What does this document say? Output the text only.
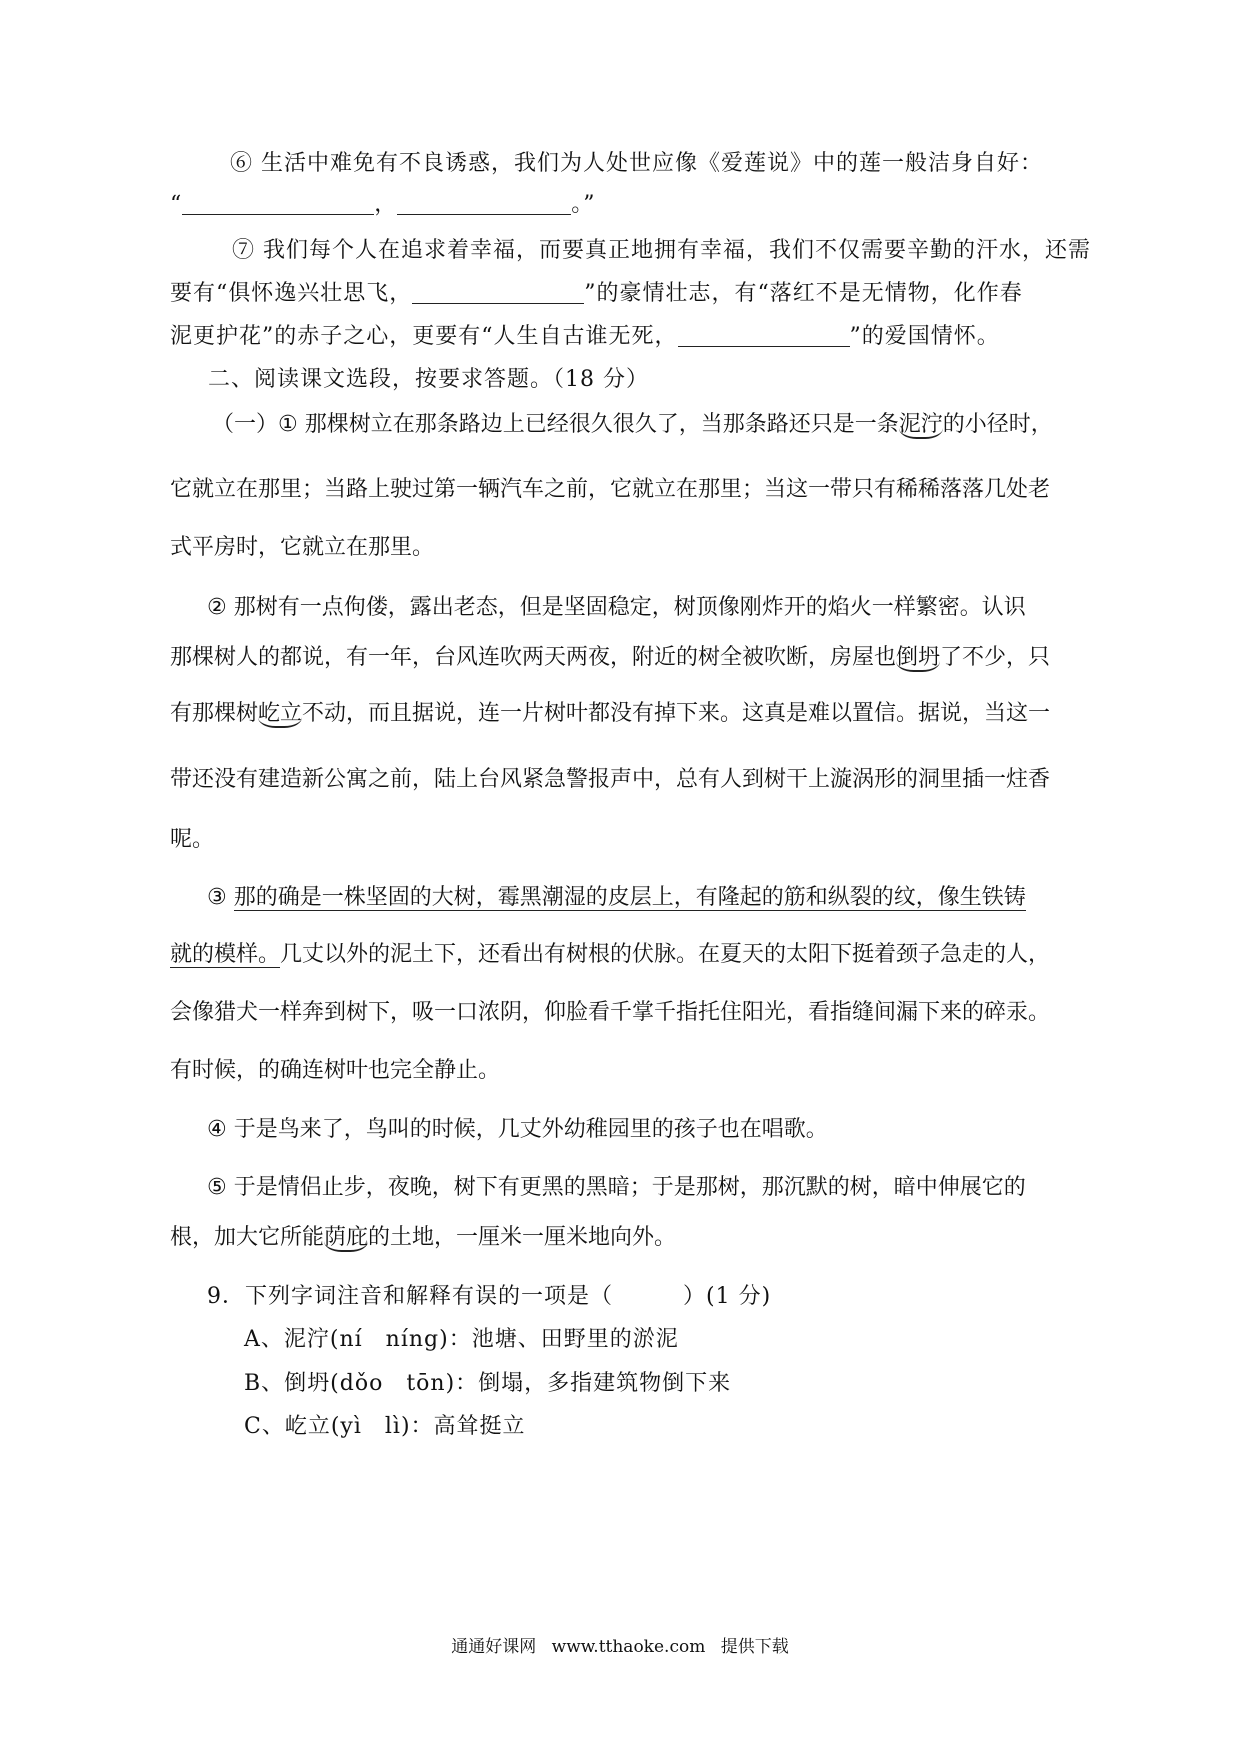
⑥ 生活中难免有不良诱惑，我们为人处世应像《爱莲说》中的莲一般洁身自好：
“	，	。”
⑦ 我们每个人在追求着幸福，而要真正地拥有幸福，我们不仅需要辛勤的汗水，还需
要有“俱怀逸兴壮思飞，	”的豪情壮志，有“落红不是无情物，化作春
泥更护花”的赤子之心，更要有“人生自古谁无死，	”的爱国情怀。
二、阅读课文选段，按要求答题。（18 分）
（一）① 那棵树立在那条路边上已经很久很久了，当那条路还只是一条泥泞的小径时，
它就立在那里；当路上驶过第一辆汽车之前，它就立在那里；当这一带只有稀稀落落几处老
式平房时，它就立在那里。
② 那树有一点佝偻，露出老态，但是坚固稳定，树顶像刚炸开的焰火一样繁密。认识
那棵树人的都说，有一年，台风连吹两天两夜，附近的树全被吹断，房屋也倒坍了不少，只
有那棵树屹立不动，而且据说，连一片树叶都没有掉下来。这真是难以置信。据说，当这一
带还没有建造新公寓之前，陆上台风紧急警报声中，总有人到树干上漩涡形的洞里插一炷香
呢。
③ 那的确是一株坚固的大树，霉黑潮湿的皮层上，有隆起的筋和纵裂的纹，像生铁铸
就的模样。几丈以外的泥土下，还看出有树根的伏脉。在夏天的太阳下挺着颈子急走的人，
会像猎犬一样奔到树下，吸一口浓阴，仰脸看千掌千指托住阳光，看指缝间漏下来的碎汞。
有时候，的确连树叶也完全静止。
④ 于是鸟来了，鸟叫的时候，几丈外幼稚园里的孩子也在唱歌。
⑤ 于是情侣止步，夜晚，树下有更黑的黑暗；于是那树，那沉默的树，暗中伸展它的
根，加大它所能荫庇的土地，一厘米一厘米地向外。
9．下列字词注音和解释有误的一项是（	）(1 分)
A、泥泞(ní　níng)：池塘、田野里的淤泥
B、倒坍(dǒo　tōn)：倒塌，多指建筑物倒下来
C、屹立(yì　lì)：高耸挺立
通通好课网 www.tthaoke.com 提供下载
